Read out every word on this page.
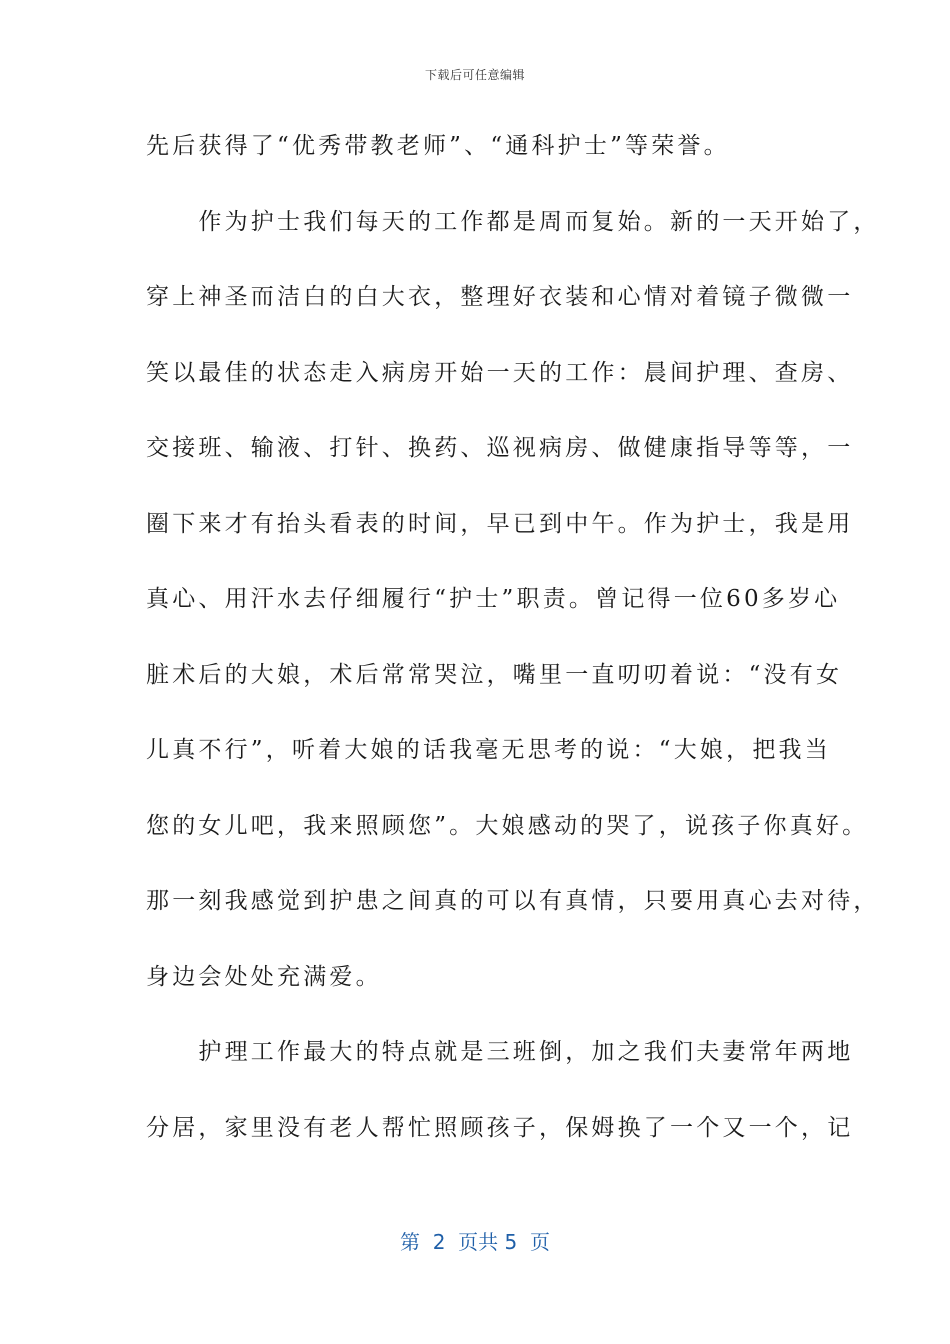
下载后可任意编辑
先后获得了“优秀带教老师”、“通科护士”等荣誉。
　　作为护士我们每天的工作都是周而复始。新的一天开始了，
穿上神圣而洁白的白大衣，整理好衣装和心情对着镜子微微一
笑以最佳的状态走入病房开始一天的工作：晨间护理、查房、
交接班、输液、打针、换药、巡视病房、做健康指导等等，一
圈下来才有抬头看表的时间，早已到中午。作为护士，我是用
真心、用汗水去仔细履行“护士”职责。曾记得一位60多岁心
脏术后的大娘，术后常常哭泣，嘴里一直叨叨着说：“没有女
儿真不行”，听着大娘的话我毫无思考的说：“大娘，把我当
您的女儿吧，我来照顾您”。大娘感动的哭了，说孩子你真好。
那一刻我感觉到护患之间真的可以有真情，只要用真心去对待，
身边会处处充满爱。
　　护理工作最大的特点就是三班倒，加之我们夫妻常年两地
分居，家里没有老人帮忙照顾孩子，保姆换了一个又一个，记
第  2  页共 5  页
